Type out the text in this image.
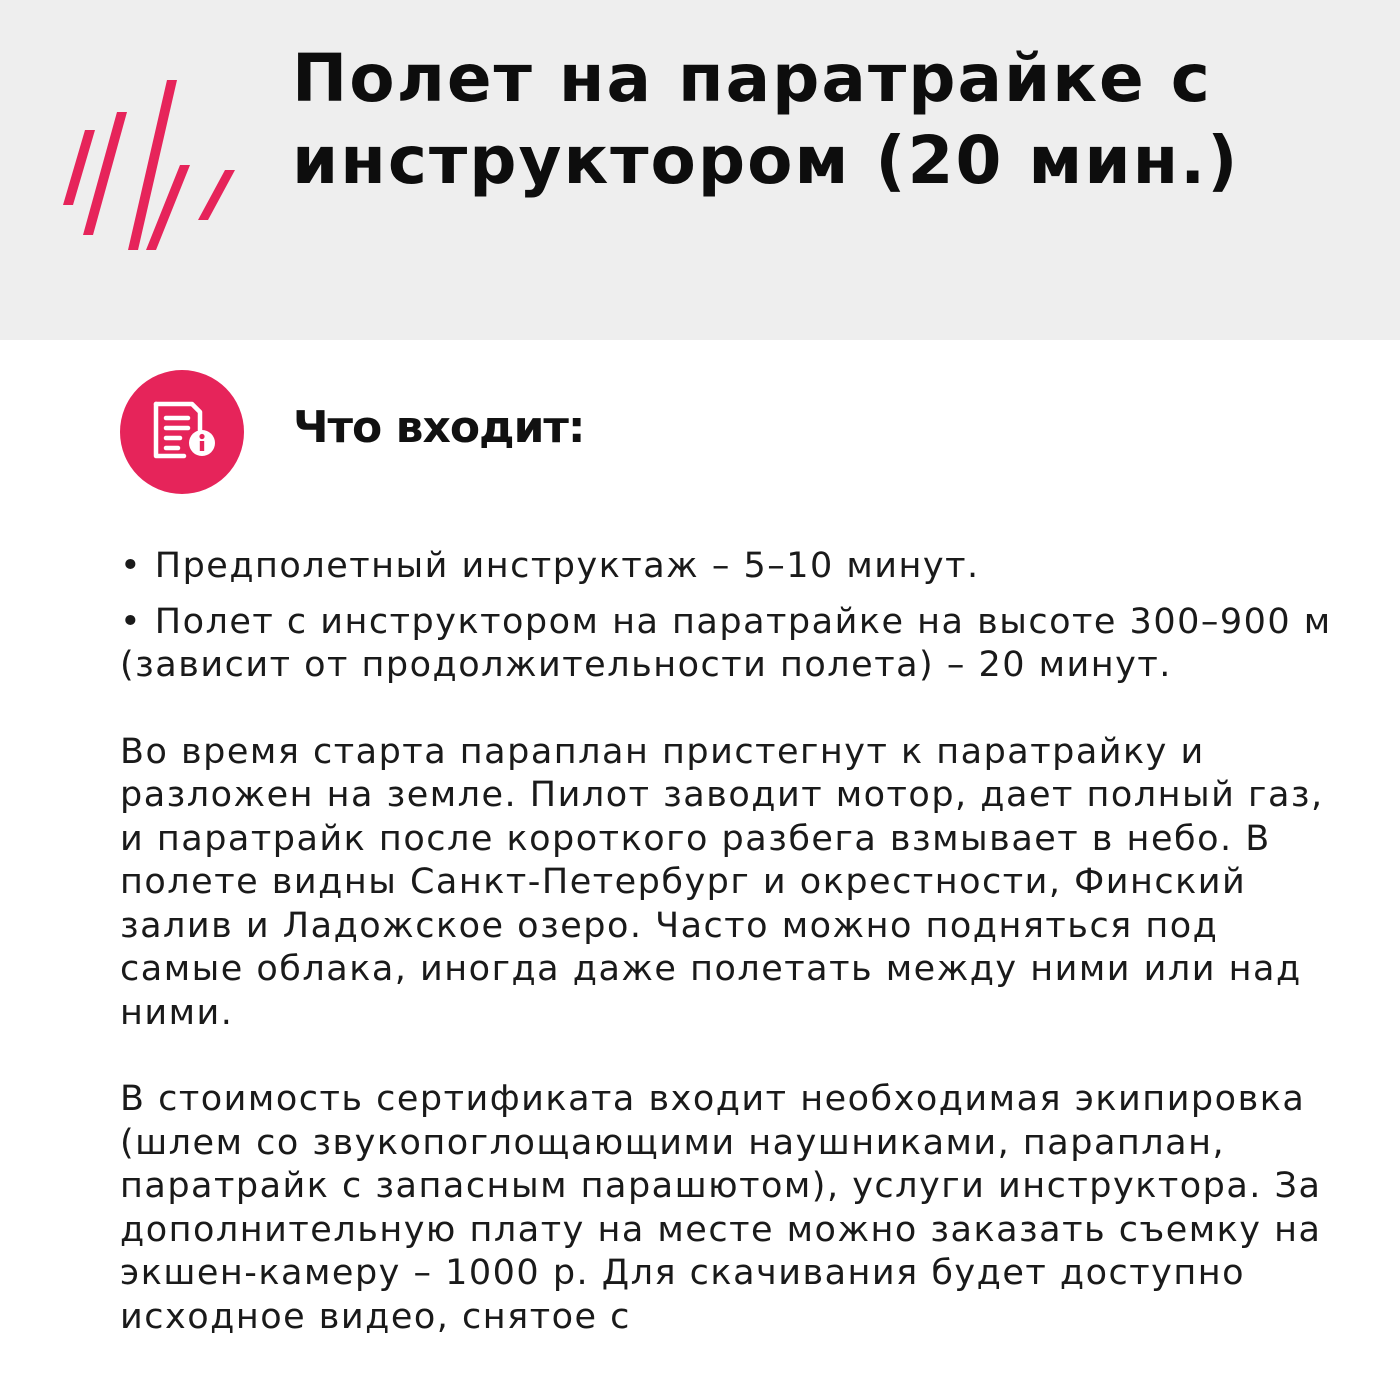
Полет на паратрайке с инструктором (20 мин.)
Что входит:

• Предполетный инструктаж – 5–10 минут.

• Полет с инструктором на паратрайке на высоте 300–900 м (зависит от продолжительности полета) – 20 минут.

Во время старта параплан пристегнут к паратрайку и разложен на земле. Пилот заводит мотор, дает полный газ, и паратрайк после короткого разбега взмывает в небо. В полете видны Санкт-Петербург и окрестности, Финский залив и Ладожское озеро. Часто можно подняться под самые облака, иногда даже полетать между ними или над ними.

В стоимость сертификата входит необходимая экипировка (шлем со звукопоглощающими наушниками, параплан, паратрайк с запасным парашютом), услуги инструктора. За дополнительную плату на месте можно заказать съемку на экшен-камеру – 1000 р. Для скачивания будет доступно исходное видео, снятое с
